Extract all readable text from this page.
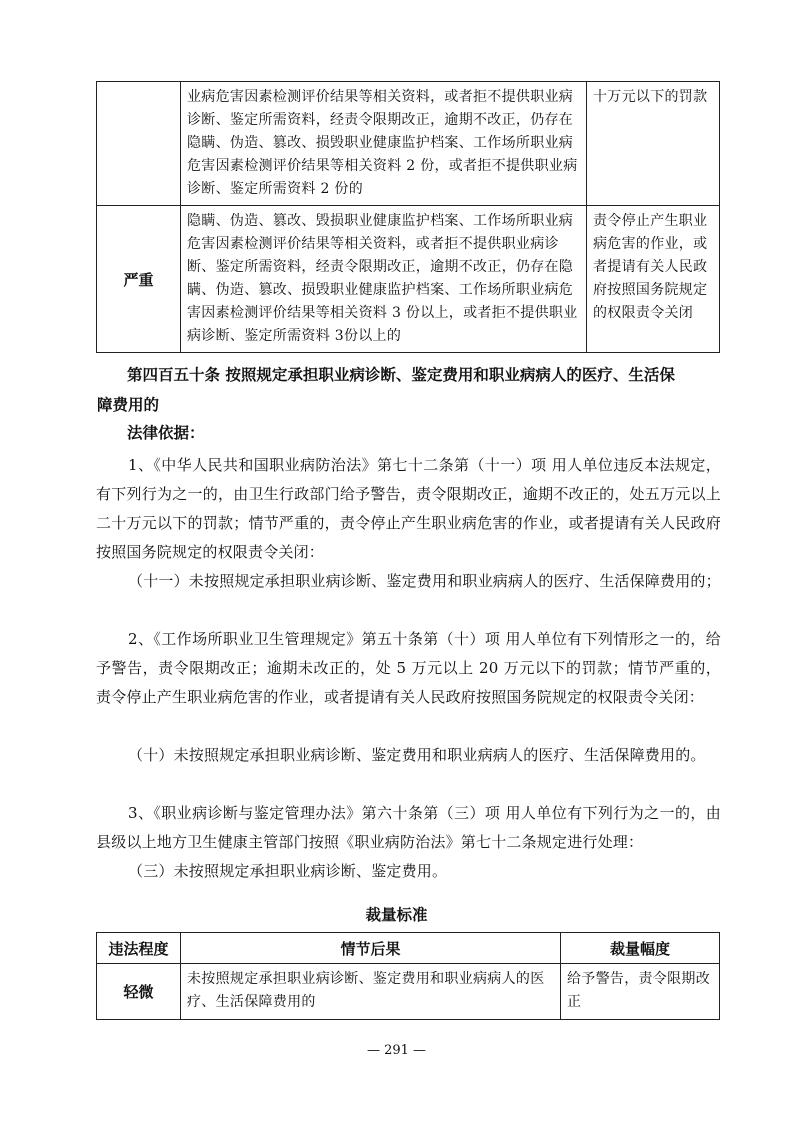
	业病危害因素检测评价结果等相关资料，或者拒不提供职业病诊断、鉴定所需资料，经责令限期改正，逾期不改正，仍存在隐瞒、伪造、篡改、损毁职业健康监护档案、工作场所职业病危害因素检测评价结果等相关资料 2 份，或者拒不提供职业病诊断、鉴定所需资料 2 份的	十万元以下的罚款
严重	隐瞒、伪造、篡改、毁损职业健康监护档案、工作场所职业病危害因素检测评价结果等相关资料，或者拒不提供职业病诊断、鉴定所需资料，经责令限期改正，逾期不改正，仍存在隐瞒、伪造、篡改、损毁职业健康监护档案、工作场所职业病危害因素检测评价结果等相关资料 3 份以上，或者拒不提供职业病诊断、鉴定所需资料 3份以上的	责令停止产生职业病危害的作业，或者提请有关人民政府按照国务院规定的权限责令关闭
第四百五十条 按照规定承担职业病诊断、鉴定费用和职业病病人的医疗、生活保
障费用的
法律依据：
1、《中华人民共和国职业病防治法》第七十二条第（十一）项 用人单位违反本法规定，有下列行为之一的，由卫生行政部门给予警告，责令限期改正，逾期不改正的，处五万元以上二十万元以下的罚款；情节严重的，责令停止产生职业病危害的作业，或者提请有关人民政府按照国务院规定的权限责令关闭：
（十一）未按照规定承担职业病诊断、鉴定费用和职业病病人的医疗、生活保障费用的；
2、《工作场所职业卫生管理规定》第五十条第（十）项 用人单位有下列情形之一的，给予警告，责令限期改正；逾期未改正的，处 5 万元以上 20 万元以下的罚款；情节严重的，责令停止产生职业病危害的作业，或者提请有关人民政府按照国务院规定的权限责令关闭：
（十）未按照规定承担职业病诊断、鉴定费用和职业病病人的医疗、生活保障费用的。
3、《职业病诊断与鉴定管理办法》第六十条第（三）项 用人单位有下列行为之一的，由县级以上地方卫生健康主管部门按照《职业病防治法》第七十二条规定进行处理：
（三）未按照规定承担职业病诊断、鉴定费用。
裁量标准
违法程度	情节后果	裁量幅度
轻微	未按照规定承担职业病诊断、鉴定费用和职业病病人的医疗、生活保障费用的	给予警告，责令限期改正
— 291 —
